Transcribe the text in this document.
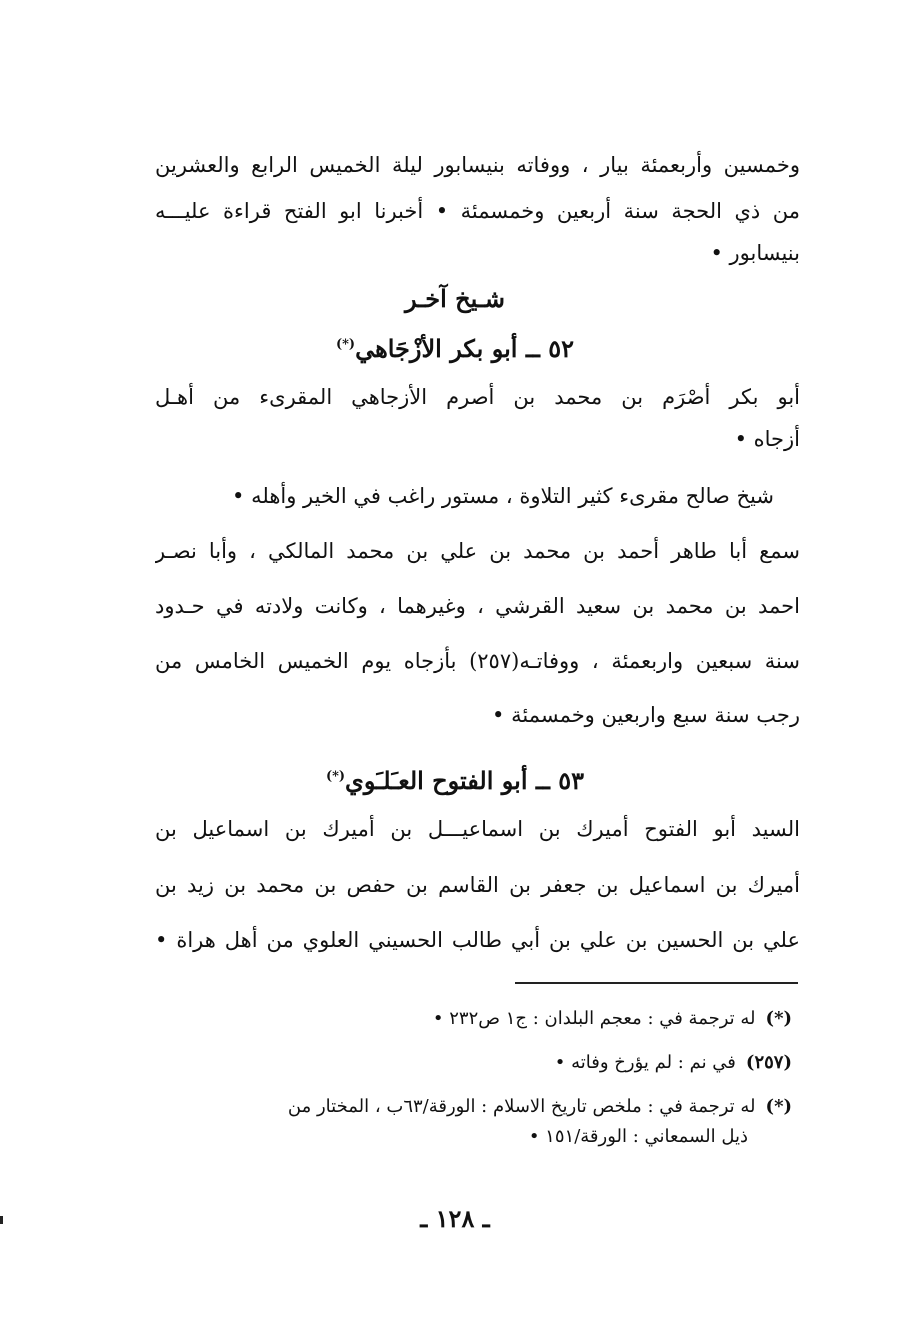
وخمسين وأربعمئة بيار ، ووفاته بنيسابور ليلة الخميس الرابع والعشرين
من ذي الحجة سنة أربعين وخمسمئة • أخبرنا ابو الفتح قراءة عليـــه
بنيسابور •
شـيخ آخـر
٥٢ ــ أبو بكر الأزْجَاهي(*)
أبو بكر أصْرَم بن محمد بن أصرم الأزجاهي المقرىء من أهـل
أزجاه •
شيخ صالح مقرىء كثير التلاوة ، مستور راغب في الخير وأهله •
سمع أبا طاهر أحمد بن محمد بن علي بن محمد المالكي ، وأبا نصـر
احمد بن محمد بن سعيد القرشي ، وغيرهما ، وكانت ولادته في حـدود
سنة سبعين واربعمئة ، ووفاتـه(٢٥٧) بأزجاه يوم الخميس الخامس من
رجب سنة سبع واربعين وخمسمئة •
٥٣ ــ أبو الفتوح العـَلـَوي(*)
السيد أبو الفتوح أميرك بن اسماعيـــل بن أميرك بن اسماعيل بن
أميرك بن اسماعيل بن جعفر بن القاسم بن حفص بن محمد بن زيد بن
علي بن الحسين بن علي بن أبي طالب الحسيني العلوي من أهل هراة •
(*)له ترجمة في : معجم البلدان : ج١ ص٢٣٢ •
(٢٥٧)في نم : لم يؤرخ وفاته •
(*)له ترجمة في : ملخص تاريخ الاسلام : الورقة/٦٣ب ، المختار من
ذيل السمعاني : الورقة/١٥١ •
ـ ١٢٨ ـ
